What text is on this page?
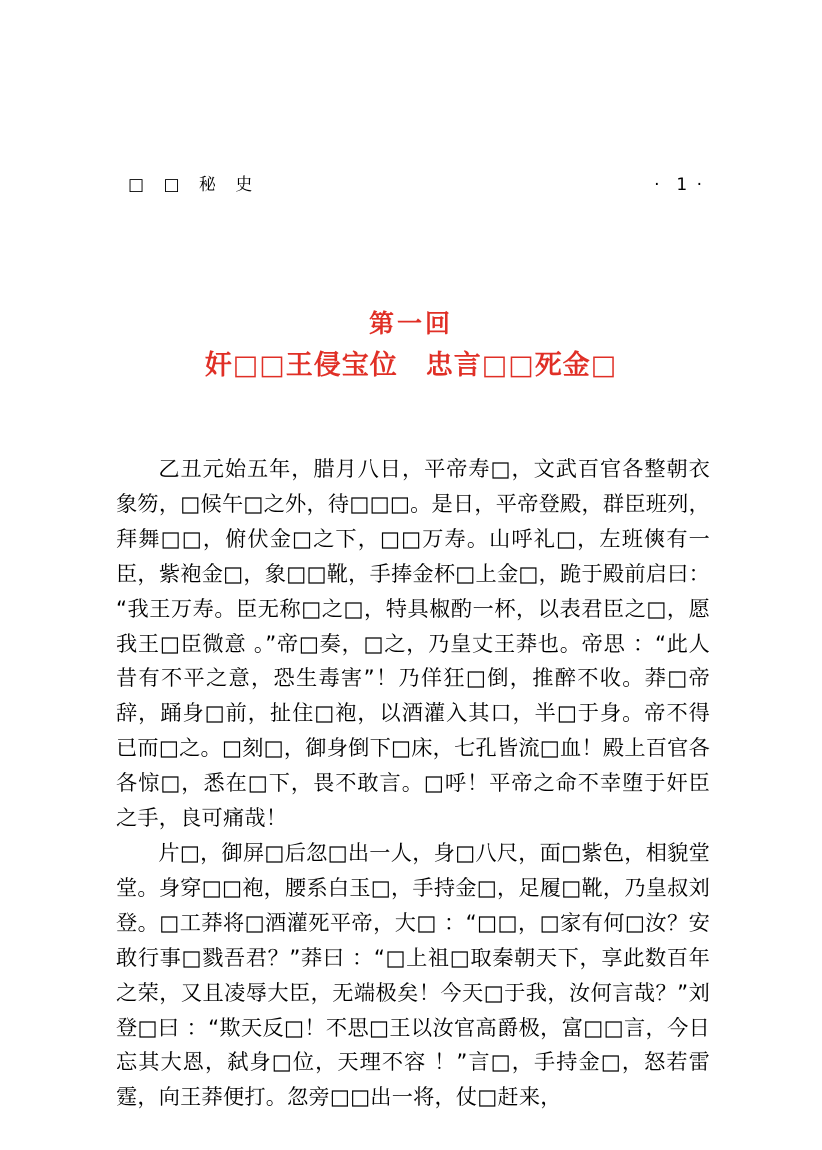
□ □ 秘 史	·  1 ·
第一回
奸□□王侵宝位　忠言□□死金□

乙丑元始五年，腊月八日，平帝寿□，文武百官各整朝衣象笏，□候午□之外，待□□□。是日，平帝登殿，群臣班列，拜舞□□，俯伏金□之下，□□万寿。山呼礼□，左班傸有一臣，紫袍金□，象□□靴，手捧金杯□上金□，跪于殿前启曰：“我王万寿。臣无称□之□，特具椒酌一杯，以表君臣之□，愿我王□臣微意 。”帝□奏，□之，乃皇丈王莽也。帝思 ：“此人昔有不平之意，恐生毒害”！乃佯狂□倒，推醉不收。莽□帝辞，踊身□前，扯住□袍，以酒灌入其口，半□于身。帝不得已而□之。□刻□，御身倒下□床，七孔皆流□血！殿上百官各各惊□，悉在□下，畏不敢言。□呼！平帝之命不幸堕于奸臣之手，良可痛哉！

片□，御屏□后忽□出一人，身□八尺，面□紫色，相貌堂堂。身穿□□袍，腰系白玉□，手持金□，足履□靴，乃皇叔刘登。□工莽将□酒灌死平帝，大□ ：“□□，□家有何□汝？安敢行事□戮吾君？”莽曰 ：“□上祖□取秦朝天下，享此数百年之荣，又且凌辱大臣，无端极矣！今天□于我，汝何言哉？”刘登□曰 ：“欺天反□！不思□王以汝官高爵极，富□□言，今日忘其大恩，弑身□位，天理不容 ！”言□，手持金□，怒若雷霆，向王莽便打。忽旁□□出一将，仗□赶来，
